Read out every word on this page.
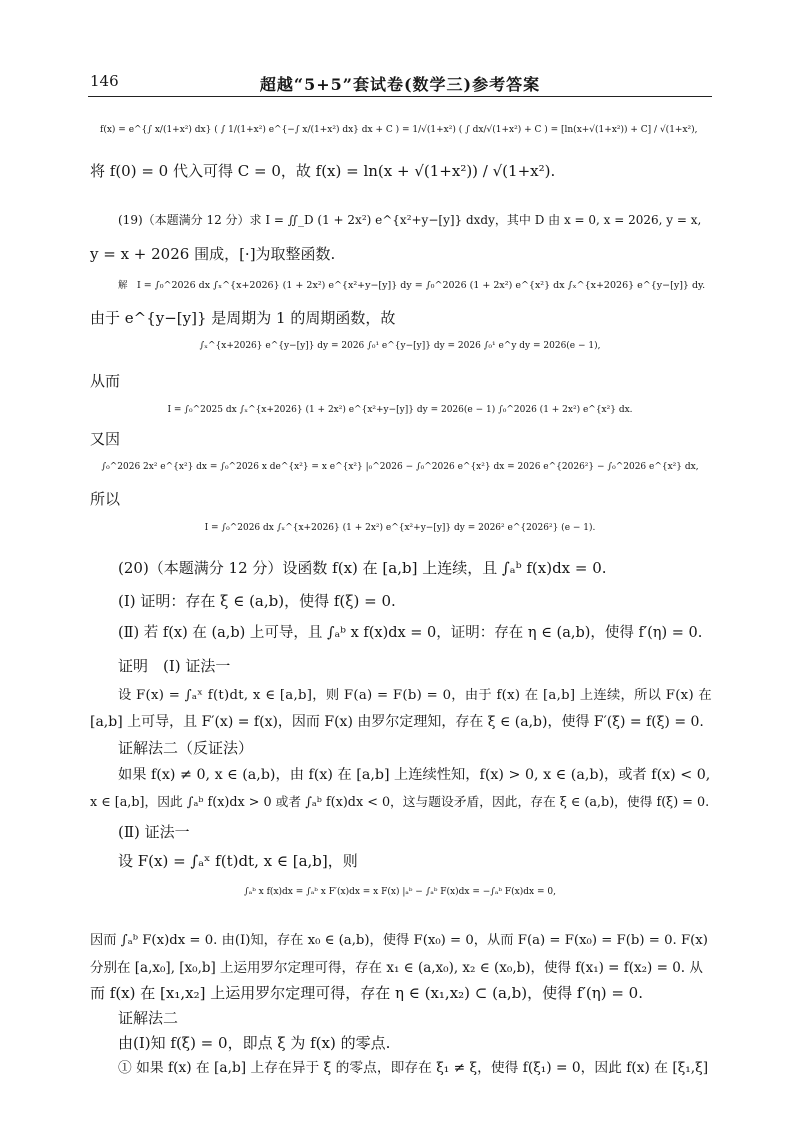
146	超越“5+5”套试卷(数学三)参考答案
f(x) = e^{∫ x/(1+x²) dx} ( ∫ 1/(1+x²) e^{−∫ x/(1+x²) dx} dx + C ) = 1/√(1+x²) ( ∫ dx/√(1+x²) + C ) = [ln(x+√(1+x²)) + C] / √(1+x²),
将 f(0) = 0 代入可得 C = 0，故 f(x) = ln(x + √(1+x²)) / √(1+x²).
(19)（本题满分 12 分）求 I = ∬_D (1 + 2x²) e^{x²+y−[y]} dxdy，其中 D 由 x = 0, x = 2026, y = x,
y = x + 2026 围成，[·]为取整函数.
解　I = ∫₀^2026 dx ∫ₓ^{x+2026} (1 + 2x²) e^{x²+y−[y]} dy = ∫₀^2026 (1 + 2x²) e^{x²} dx ∫ₓ^{x+2026} e^{y−[y]} dy.
由于 e^{y−[y]} 是周期为 1 的周期函数，故
∫ₓ^{x+2026} e^{y−[y]} dy = 2026 ∫₀¹ e^{y−[y]} dy = 2026 ∫₀¹ e^y dy = 2026(e − 1),
从而
I = ∫₀^2025 dx ∫ₓ^{x+2026} (1 + 2x²) e^{x²+y−[y]} dy = 2026(e − 1) ∫₀^2026 (1 + 2x²) e^{x²} dx.
又因
∫₀^2026 2x² e^{x²} dx = ∫₀^2026 x de^{x²} = x e^{x²} |₀^2026 − ∫₀^2026 e^{x²} dx = 2026 e^{2026²} − ∫₀^2026 e^{x²} dx,
所以
I = ∫₀^2026 dx ∫ₓ^{x+2026} (1 + 2x²) e^{x²+y−[y]} dy = 2026² e^{2026²} (e − 1).
(20)（本题满分 12 分）设函数 f(x) 在 [a,b] 上连续，且 ∫ₐᵇ f(x)dx = 0.
(Ⅰ) 证明：存在 ξ ∈ (a,b)，使得 f(ξ) = 0.
(Ⅱ) 若 f(x) 在 (a,b) 上可导，且 ∫ₐᵇ x f(x)dx = 0，证明：存在 η ∈ (a,b)，使得 f′(η) = 0.
证明　(Ⅰ) 证法一
设 F(x) = ∫ₐˣ f(t)dt, x ∈ [a,b]，则 F(a) = F(b) = 0，由于 f(x) 在 [a,b] 上连续，所以 F(x) 在
[a,b] 上可导，且 F′(x) = f(x)，因而 F(x) 由罗尔定理知，存在 ξ ∈ (a,b)，使得 F′(ξ) = f(ξ) = 0.
证解法二（反证法）
如果 f(x) ≠ 0, x ∈ (a,b)，由 f(x) 在 [a,b] 上连续性知，f(x) > 0, x ∈ (a,b)，或者 f(x) < 0,
x ∈ [a,b]，因此 ∫ₐᵇ f(x)dx > 0 或者 ∫ₐᵇ f(x)dx < 0，这与题设矛盾，因此，存在 ξ ∈ (a,b)，使得 f(ξ) = 0.
(Ⅱ) 证法一
设 F(x) = ∫ₐˣ f(t)dt, x ∈ [a,b]，则
∫ₐᵇ x f(x)dx = ∫ₐᵇ x F′(x)dx = x F(x) |ₐᵇ − ∫ₐᵇ F(x)dx = −∫ₐᵇ F(x)dx = 0,
因而 ∫ₐᵇ F(x)dx = 0. 由(Ⅰ)知，存在 x₀ ∈ (a,b)，使得 F(x₀) = 0，从而 F(a) = F(x₀) = F(b) = 0. F(x)
分别在 [a,x₀], [x₀,b] 上运用罗尔定理可得，存在 x₁ ∈ (a,x₀), x₂ ∈ (x₀,b)，使得 f(x₁) = f(x₂) = 0. 从
而 f(x) 在 [x₁,x₂] 上运用罗尔定理可得，存在 η ∈ (x₁,x₂) ⊂ (a,b)，使得 f′(η) = 0.
证解法二
由(Ⅰ)知 f(ξ) = 0，即点 ξ 为 f(x) 的零点.
① 如果 f(x) 在 [a,b] 上存在异于 ξ 的零点，即存在 ξ₁ ≠ ξ，使得 f(ξ₁) = 0，因此 f(x) 在 [ξ₁,ξ]
